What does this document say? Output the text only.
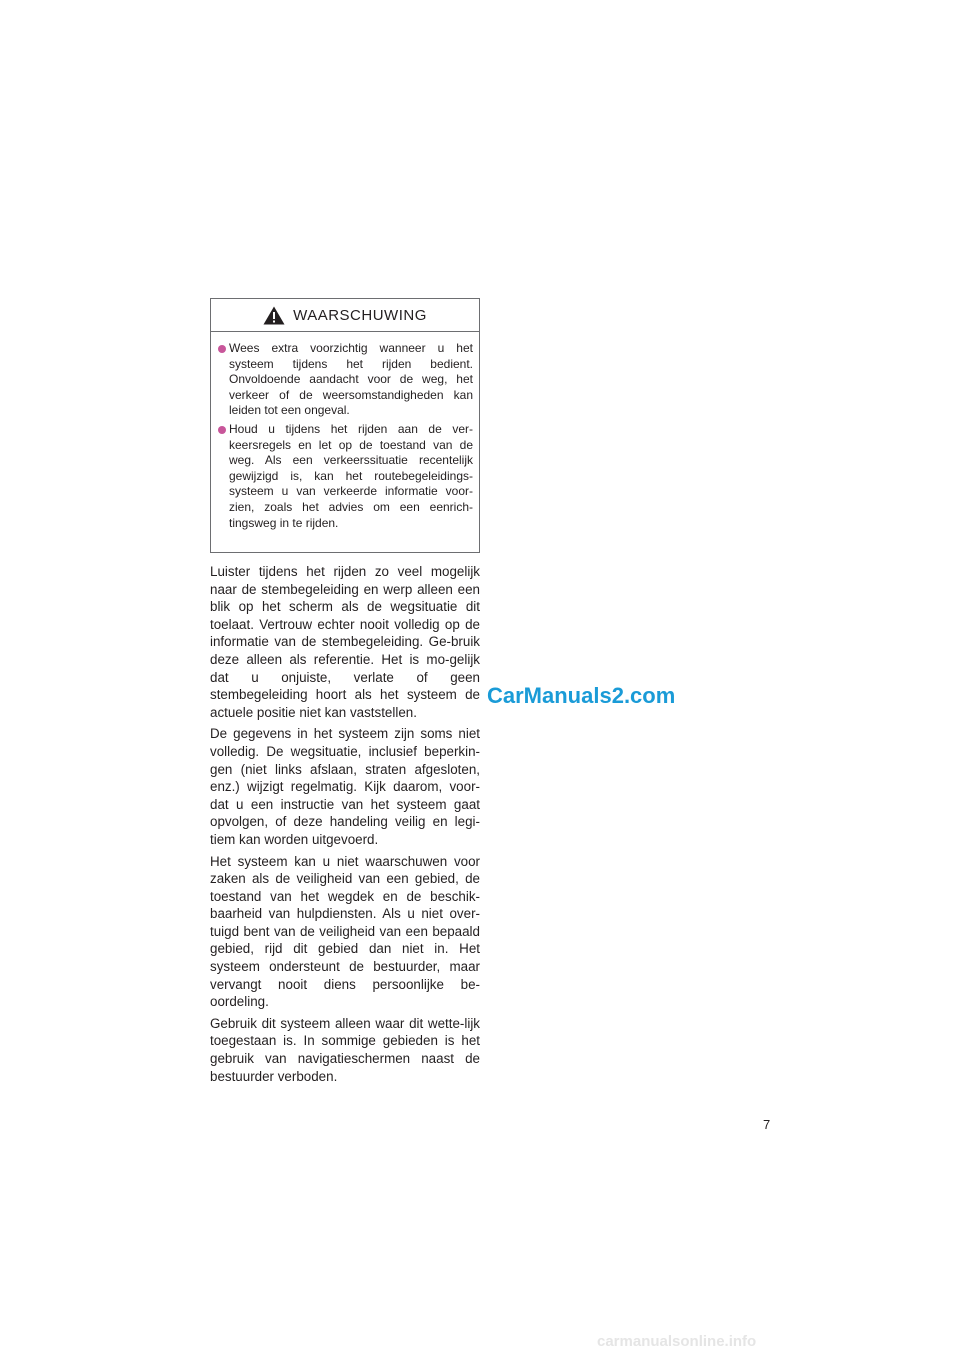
WAARSCHUWING
Wees extra voorzichtig wanneer u het systeem tijdens het rijden bedient. Onvoldoende aandacht voor de weg, het verkeer of de weersomstandigheden kan leiden tot een ongeval.
Houd u tijdens het rijden aan de ver-keersregels en let op de toestand van de weg. Als een verkeerssituatie recentelijk gewijzigd is, kan het routebegeleidings-systeem u van verkeerde informatie voor-zien, zoals het advies om een eenrich-tingsweg in te rijden.

Luister tijdens het rijden zo veel mogelijk naar de stembegeleiding en werp alleen een blik op het scherm als de wegsituatie dit toelaat. Vertrouw echter nooit volledig op de informatie van de stembegeleiding. Ge-bruik deze alleen als referentie. Het is mo-gelijk dat u onjuiste, verlate of geen stembegeleiding hoort als het systeem de actuele positie niet kan vaststellen.

De gegevens in het systeem zijn soms niet volledig. De wegsituatie, inclusief beperkin-gen (niet links afslaan, straten afgesloten, enz.) wijzigt regelmatig. Kijk daarom, voor-dat u een instructie van het systeem gaat opvolgen, of deze handeling veilig en legi-tiem kan worden uitgevoerd.

Het systeem kan u niet waarschuwen voor zaken als de veiligheid van een gebied, de toestand van het wegdek en de beschik-baarheid van hulpdiensten. Als u niet over-tuigd bent van de veiligheid van een bepaald gebied, rijd dit gebied dan niet in. Het systeem ondersteunt de bestuurder, maar vervangt nooit diens persoonlijke be-oordeling.

Gebruik dit systeem alleen waar dit wette-lijk toegestaan is. In sommige gebieden is het gebruik van navigatieschermen naast de bestuurder verboden.

CarManuals2.com
7
carmanualsonline.info
